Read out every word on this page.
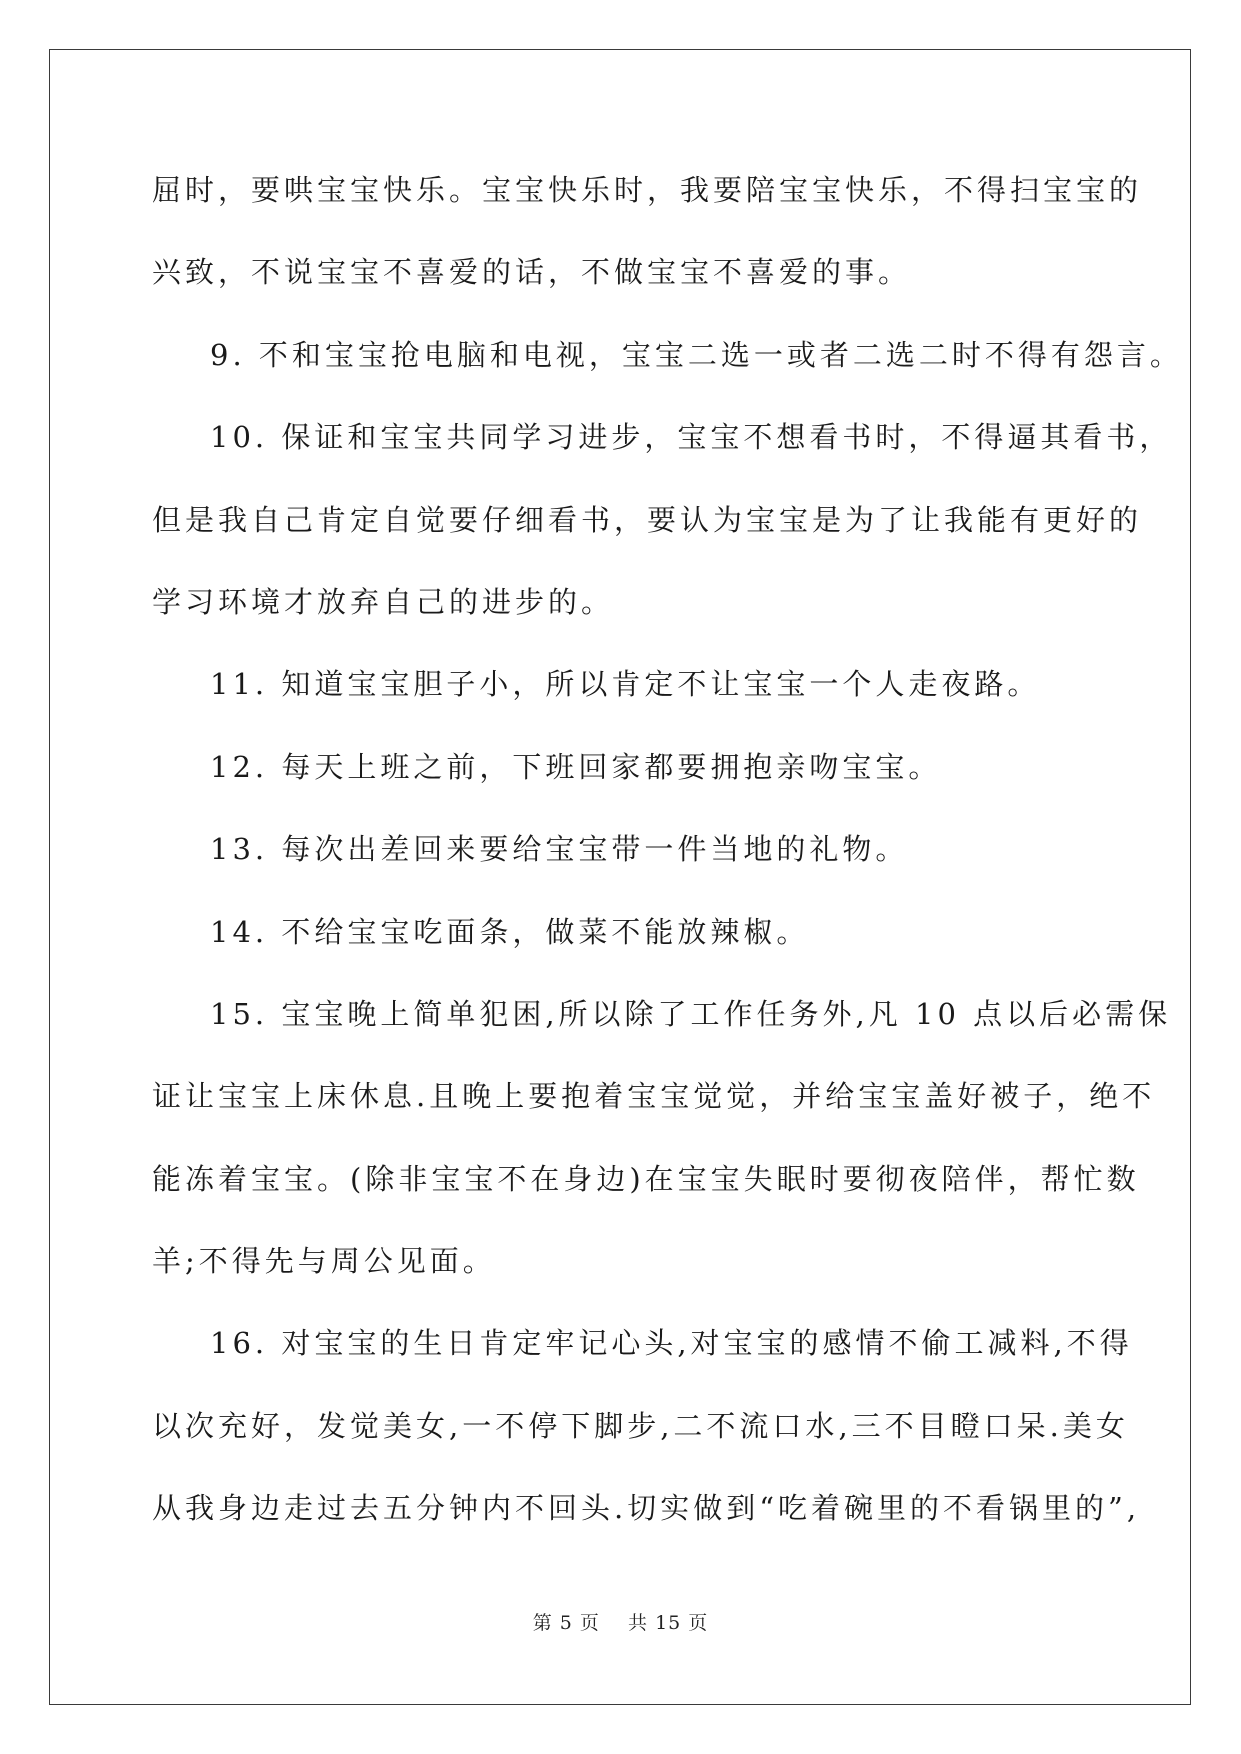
屈时，要哄宝宝快乐。宝宝快乐时，我要陪宝宝快乐，不得扫宝宝的
兴致，不说宝宝不喜爱的话，不做宝宝不喜爱的事。
9. 不和宝宝抢电脑和电视，宝宝二选一或者二选二时不得有怨言。
10. 保证和宝宝共同学习进步，宝宝不想看书时，不得逼其看书，
但是我自己肯定自觉要仔细看书，要认为宝宝是为了让我能有更好的
学习环境才放弃自己的进步的。
11. 知道宝宝胆子小，所以肯定不让宝宝一个人走夜路。
12. 每天上班之前，下班回家都要拥抱亲吻宝宝。
13. 每次出差回来要给宝宝带一件当地的礼物。
14. 不给宝宝吃面条，做菜不能放辣椒。
15. 宝宝晚上简单犯困,所以除了工作任务外,凡 10 点以后必需保
证让宝宝上床休息.且晚上要抱着宝宝觉觉，并给宝宝盖好被子，绝不
能冻着宝宝。(除非宝宝不在身边)在宝宝失眠时要彻夜陪伴，帮忙数
羊;不得先与周公见面。
16. 对宝宝的生日肯定牢记心头,对宝宝的感情不偷工减料,不得
以次充好，发觉美女,一不停下脚步,二不流口水,三不目瞪口呆.美女
从我身边走过去五分钟内不回头.切实做到“吃着碗里的不看锅里的”,
第 5 页 共 15 页
